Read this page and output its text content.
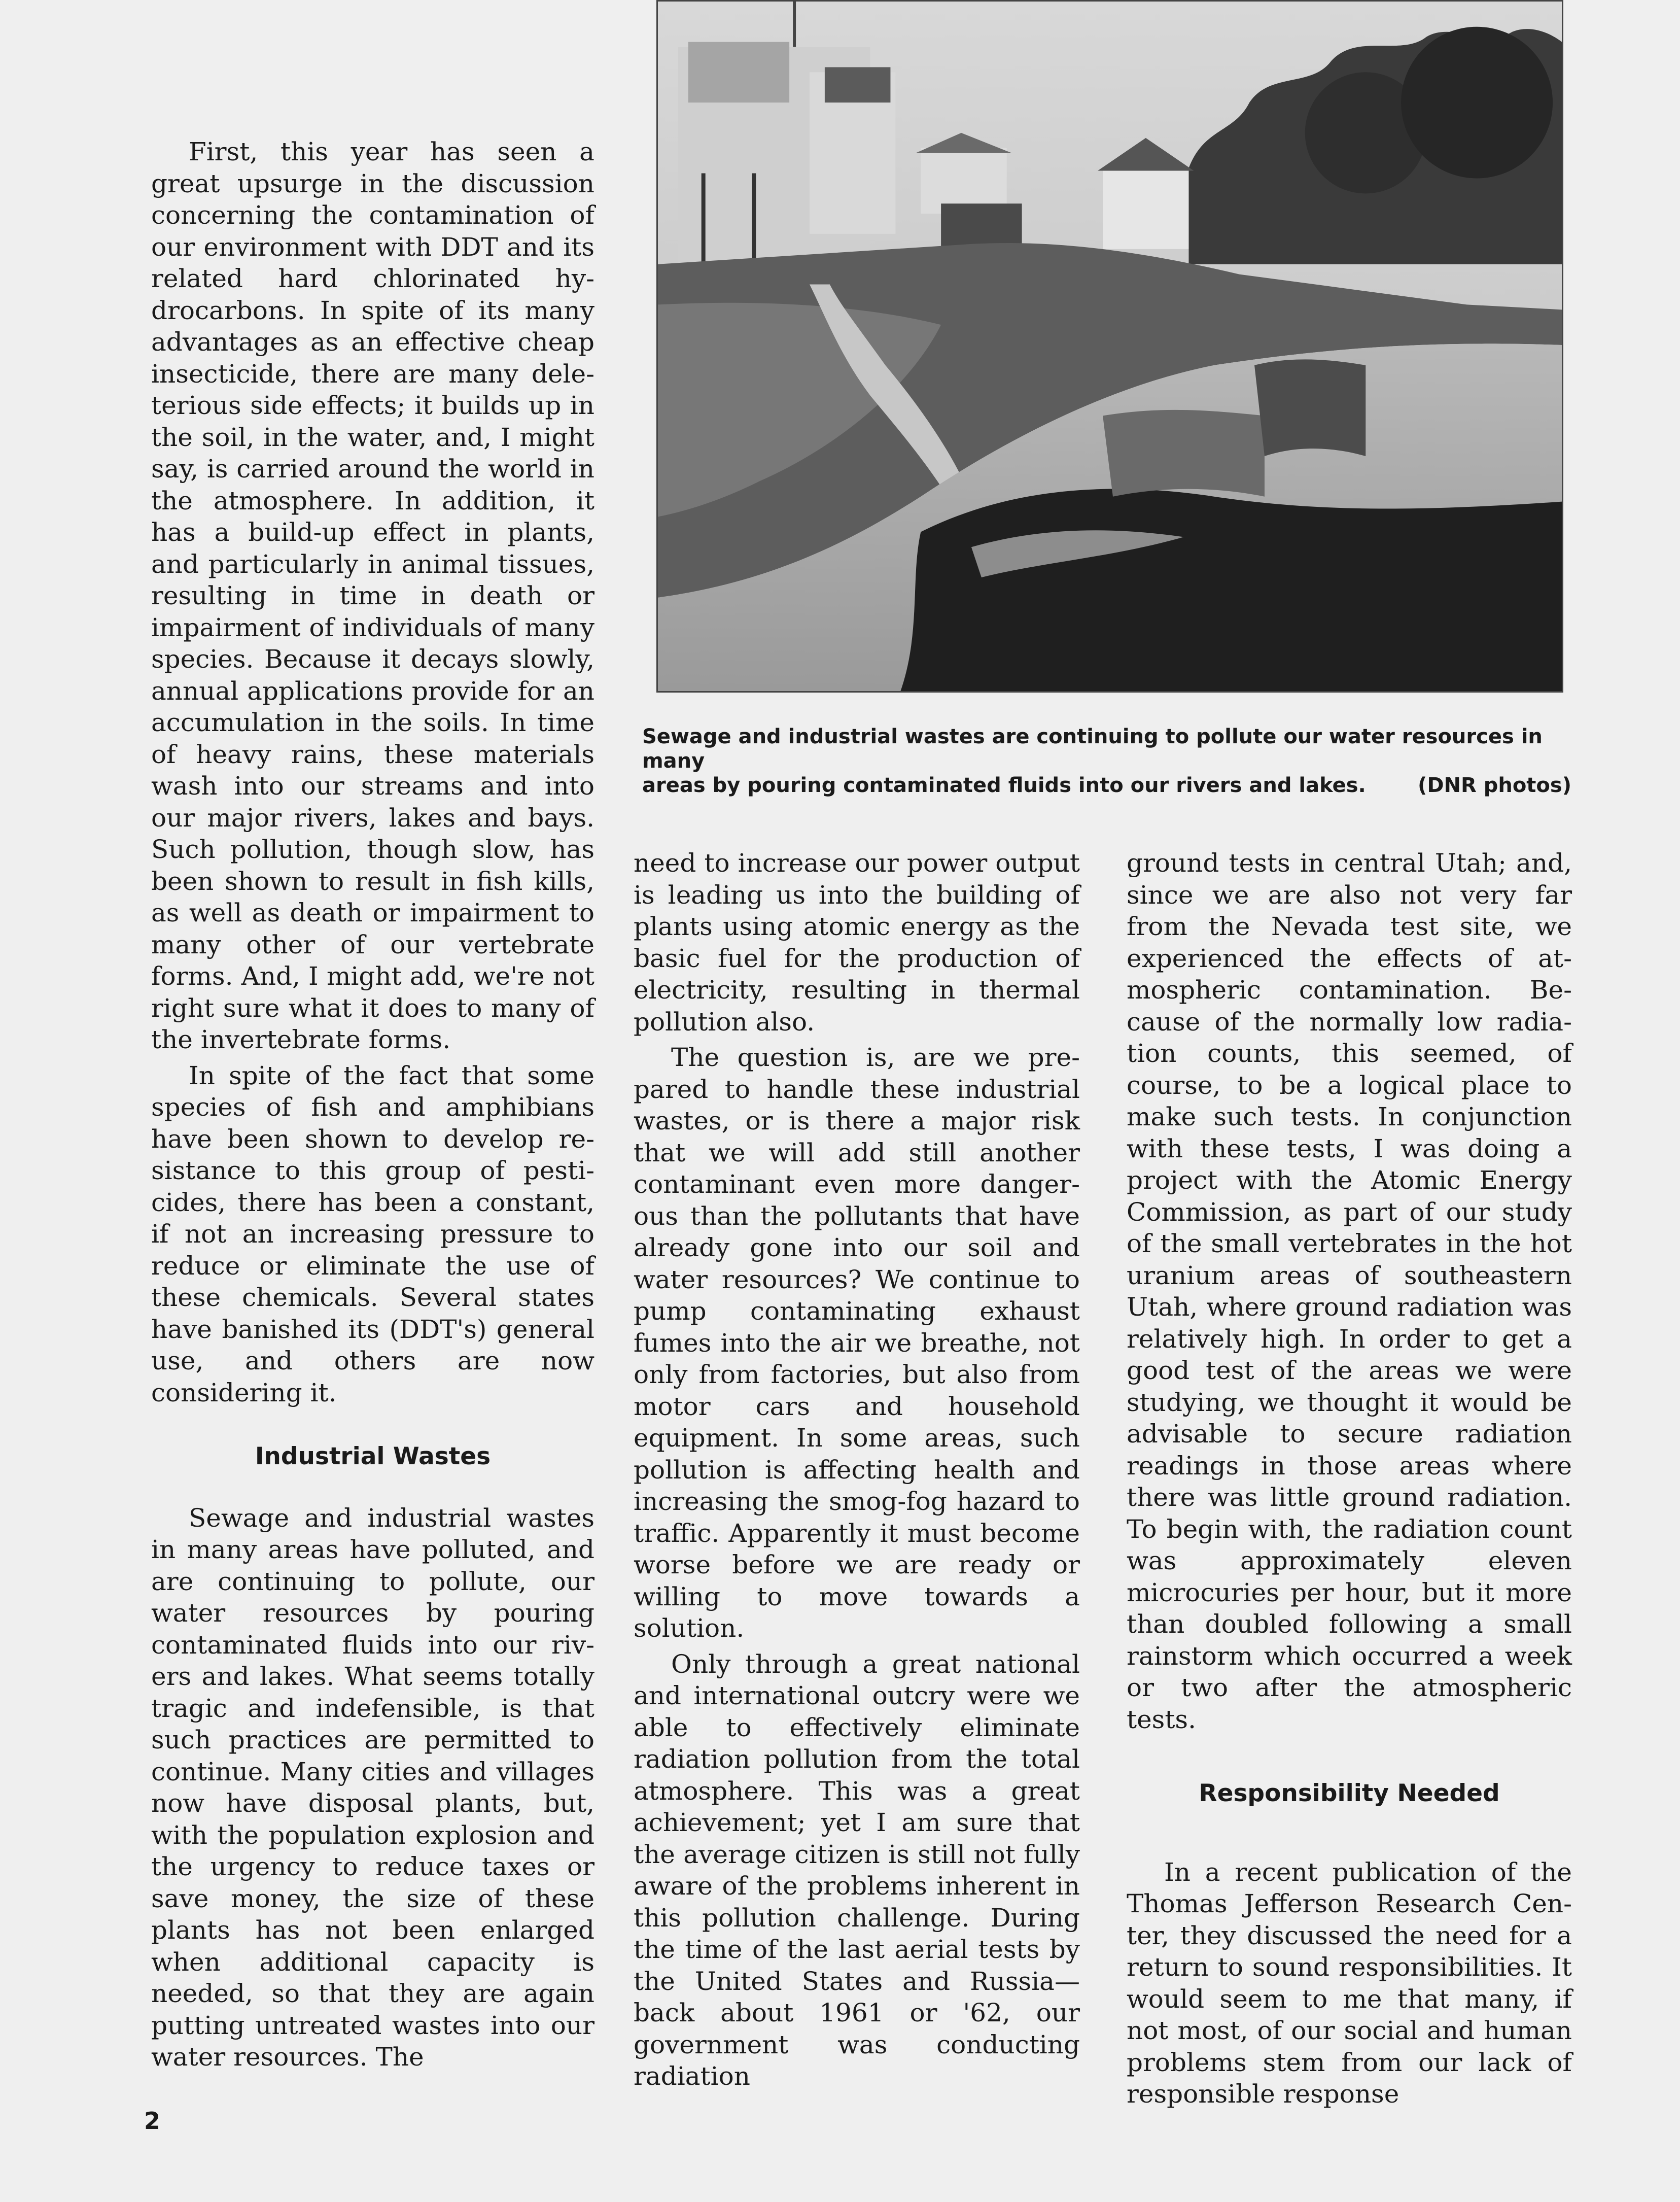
Sewage and industrial wastes are continuing to pollute our water resources in many
areas by pouring contaminated fluids into our rivers and lakes.	(DNR photos)

First, this year has seen a great upsurge in the discussion concerning the contamination of our environment with DDT and its related hard chlorinated hydrocarbons. In spite of its many advantages as an effective cheap insecticide, there are many deleterious side effects; it builds up in the soil, in the water, and, I might say, is carried around the world in the atmosphere. In addition, it has a build-up effect in plants, and particularly in animal tissues, resulting in time in death or impairment of individuals of many species. Because it decays slowly, annual applications provide for an accumulation in the soils. In time of heavy rains, these materials wash into our streams and into our major rivers, lakes and bays. Such pollution, though slow, has been shown to result in fish kills, as well as death or impairment to many other of our vertebrate forms. And, I might add, we're not right sure what it does to many of the invertebrate forms.

In spite of the fact that some species of fish and amphibians have been shown to develop resistance to this group of pesticides, there has been a constant, if not an increasing pressure to reduce or eliminate the use of these chemicals. Several states have banished its (DDT's) general use, and others are now considering it.

Industrial Wastes

Sewage and industrial wastes in many areas have polluted, and are continuing to pollute, our water resources by pouring contaminated fluids into our rivers and lakes. What seems totally tragic and indefensible, is that such practices are permitted to continue. Many cities and villages now have disposal plants, but, with the population explosion and the urgency to reduce taxes or save money, the size of these plants has not been enlarged when additional capacity is needed, so that they are again putting untreated wastes into our water resources. The

need to increase our power output is leading us into the building of plants using atomic energy as the basic fuel for the production of electricity, resulting in thermal pollution also.

The question is, are we prepared to handle these industrial wastes, or is there a major risk that we will add still another contaminant even more dangerous than the pollutants that have already gone into our soil and water resources? We continue to pump contaminating exhaust fumes into the air we breathe, not only from factories, but also from motor cars and household equipment. In some areas, such pollution is affecting health and increasing the smog-fog hazard to traffic. Apparently it must become worse before we are ready or willing to move towards a solution.

Only through a great national and international outcry were we able to effectively eliminate radiation pollution from the total atmosphere. This was a great achievement; yet I am sure that the average citizen is still not fully aware of the problems inherent in this pollution challenge. During the time of the last aerial tests by the United States and Russia—back about 1961 or '62, our government was conducting radiation

ground tests in central Utah; and, since we are also not very far from the Nevada test site, we experienced the effects of atmospheric contamination. Because of the normally low radiation counts, this seemed, of course, to be a logical place to make such tests. In conjunction with these tests, I was doing a project with the Atomic Energy Commission, as part of our study of the small vertebrates in the hot uranium areas of southeastern Utah, where ground radiation was relatively high. In order to get a good test of the areas we were studying, we thought it would be advisable to secure radiation readings in those areas where there was little ground radiation. To begin with, the radiation count was approximately eleven microcuries per hour, but it more than doubled following a small rainstorm which occurred a week or two after the atmospheric tests.

Responsibility Needed

In a recent publication of the Thomas Jefferson Research Center, they discussed the need for a return to sound responsibilities. It would seem to me that many, if not most, of our social and human problems stem from our lack of responsible response

2
